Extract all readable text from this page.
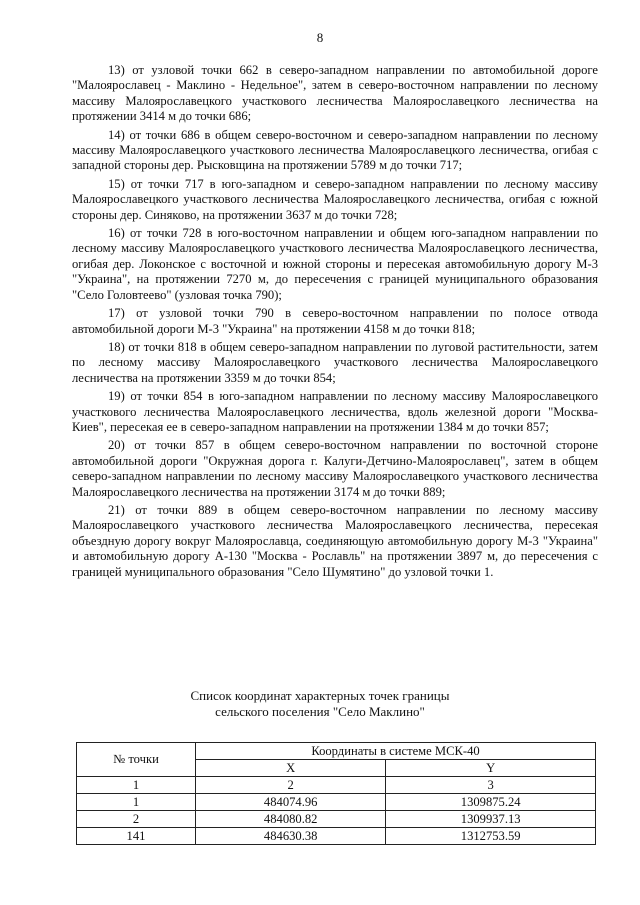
8

13) от узловой точки 662 в северо-западном направлении по автомобильной дороге "Малоярославец - Маклино - Недельное", затем в северо-восточном направлении по лесному массиву Малоярославецкого участкового лесничества Малоярославецкого лесничества на протяжении 3414 м до точки 686;

14) от точки 686 в общем северо-восточном и северо-западном направлении по лесному массиву Малоярославецкого участкового лесничества Малоярославецкого лесничества, огибая с западной стороны дер. Рысковщина на протяжении 5789 м до точки 717;

15) от точки 717 в юго-западном и северо-западном направлении по лесному массиву Малоярославецкого участкового лесничества Малоярославецкого лесничества, огибая с южной стороны дер. Синяково, на протяжении 3637 м до точки 728;

16) от точки 728 в юго-восточном направлении и общем юго-западном направлении по лесному массиву Малоярославецкого участкового лесничества Малоярославецкого лесничества, огибая дер. Локонское с восточной и южной стороны и пересекая автомобильную дорогу М-3 "Украина", на протяжении 7270 м, до пересечения с границей муниципального образования "Село Головтеево" (узловая точка 790);

17) от узловой точки 790 в северо-восточном направлении по полосе отвода автомобильной дороги М-3 "Украина" на протяжении 4158 м до точки 818;

18) от точки 818 в общем северо-западном направлении по луговой растительности, затем по лесному массиву Малоярославецкого участкового лесничества Малоярославецкого лесничества на протяжении 3359 м до точки 854;

19) от точки 854 в юго-западном направлении по лесному массиву Малоярославецкого участкового лесничества Малоярославецкого лесничества, вдоль железной дороги "Москва-Киев", пересекая ее в северо-западном направлении на протяжении 1384 м до точки 857;

20) от точки 857 в общем северо-восточном направлении по восточной стороне автомобильной дороги "Окружная дорога г. Калуги-Детчино-Малоярославец", затем в общем северо-западном направлении по лесному массиву Малоярославецкого участкового лесничества Малоярославецкого лесничества на протяжении 3174 м до точки 889;

21) от точки 889 в общем северо-восточном направлении по лесному массиву Малоярославецкого участкового лесничества Малоярославецкого лесничества, пересекая объездную дорогу вокруг Малоярославца, соединяющую автомобильную дорогу М-3 "Украина" и автомобильную дорогу А-130 "Москва - Рославль" на протяжении 3897 м, до пересечения с границей муниципального образования "Село Шумятино" до узловой точки 1.

Список координат характерных точек границы
сельского поселения "Село Маклино"
№ точки	Координаты в системе МСК-40	
	X	Y
1	2	3
1	484074.96	1309875.24
2	484080.82	1309937.13
141	484630.38	1312753.59
